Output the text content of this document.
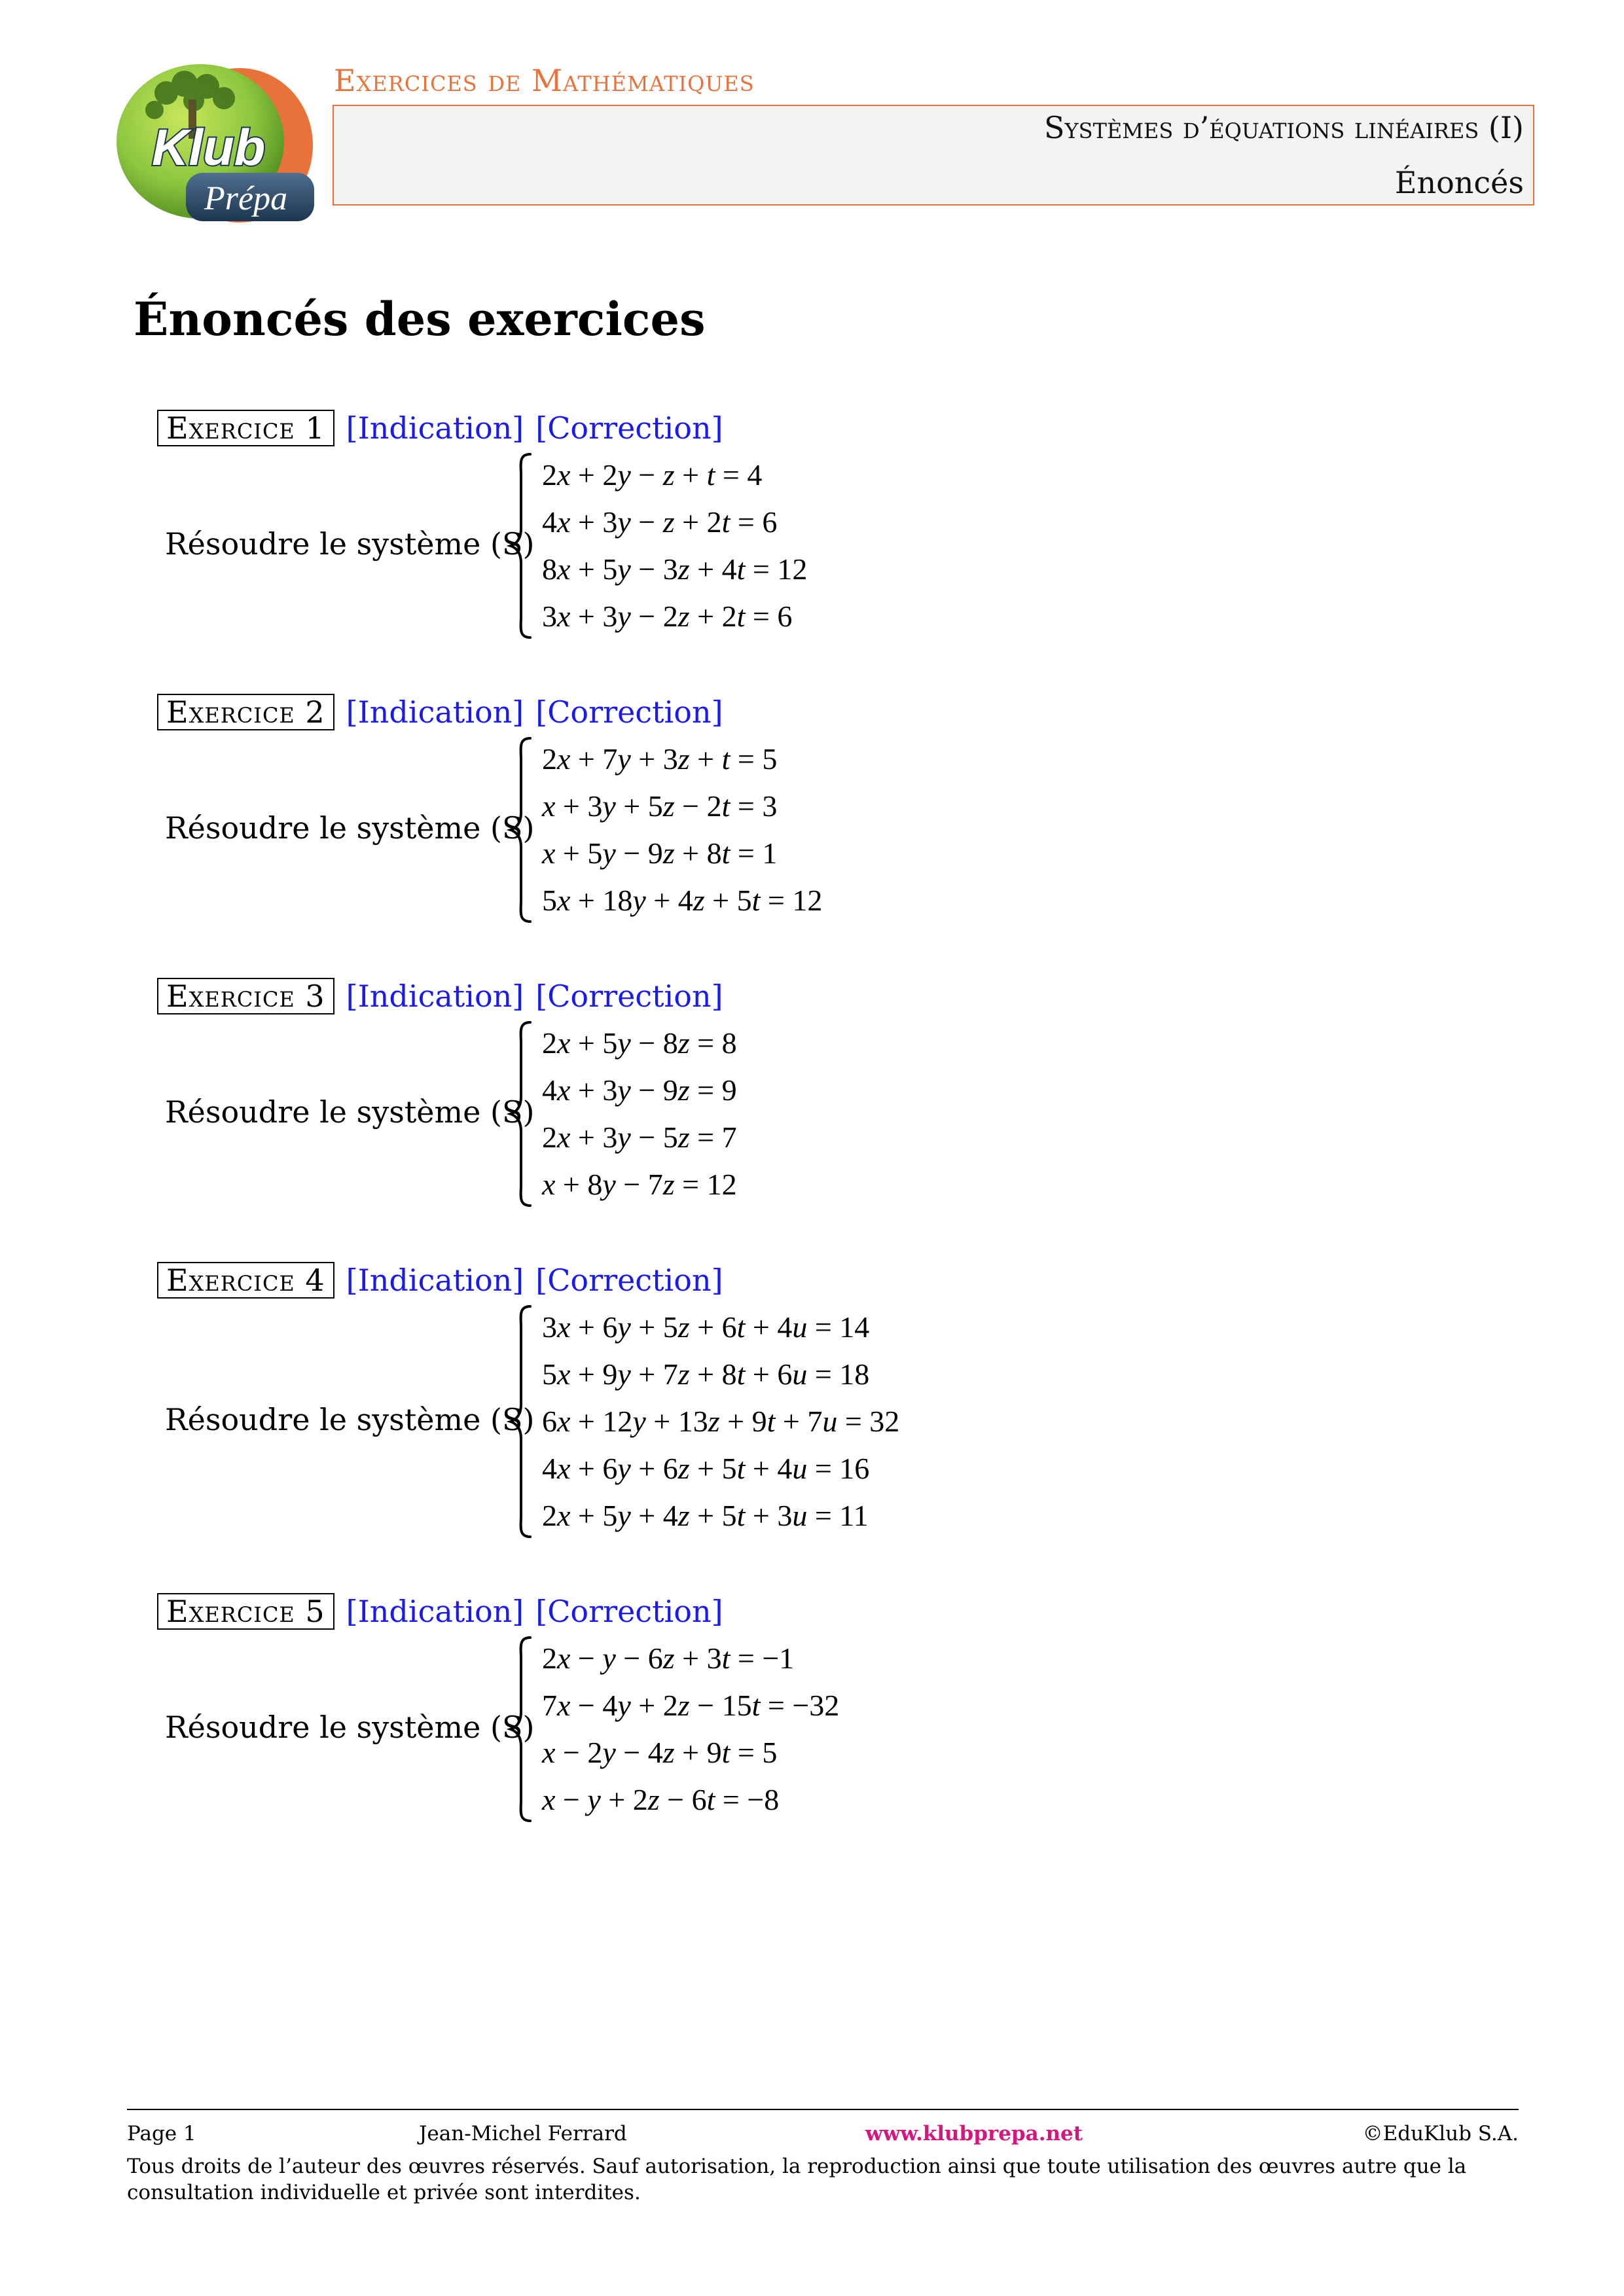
Klub
Prépa
Exercices de Mathématiques
Systèmes d’équations linéaires (I)
Énoncés
Énoncés des exercices
Exercice 1 [Indication] [Correction]
Résoudre le système (S)
2x + 2y − z + t = 4
4x + 3y − z + 2t = 6
8x + 5y − 3z + 4t = 12
3x + 3y − 2z + 2t = 6
Exercice 2 [Indication] [Correction]
Résoudre le système (S)
2x + 7y + 3z + t = 5
x + 3y + 5z − 2t = 3
x + 5y − 9z + 8t = 1
5x + 18y + 4z + 5t = 12
Exercice 3 [Indication] [Correction]
Résoudre le système (S)
2x + 5y − 8z = 8
4x + 3y − 9z = 9
2x + 3y − 5z = 7
x + 8y − 7z = 12
Exercice 4 [Indication] [Correction]
Résoudre le système (S)
3x + 6y + 5z + 6t + 4u = 14
5x + 9y + 7z + 8t + 6u = 18
6x + 12y + 13z + 9t + 7u = 32
4x + 6y + 6z + 5t + 4u = 16
2x + 5y + 4z + 5t + 3u = 11
Exercice 5 [Indication] [Correction]
Résoudre le système (S)
2x − y − 6z + 3t = −1
7x − 4y + 2z − 15t = −32
x − 2y − 4z + 9t = 5
x − y + 2z − 6t = −8
Page 1	Jean-Michel Ferrard	www.klubprepa.net	©EduKlub S.A.
Tous droits de l’auteur des œuvres réservés. Sauf autorisation, la reproduction ainsi que toute utilisation des œuvres autre que la consultation individuelle et privée sont interdites.
